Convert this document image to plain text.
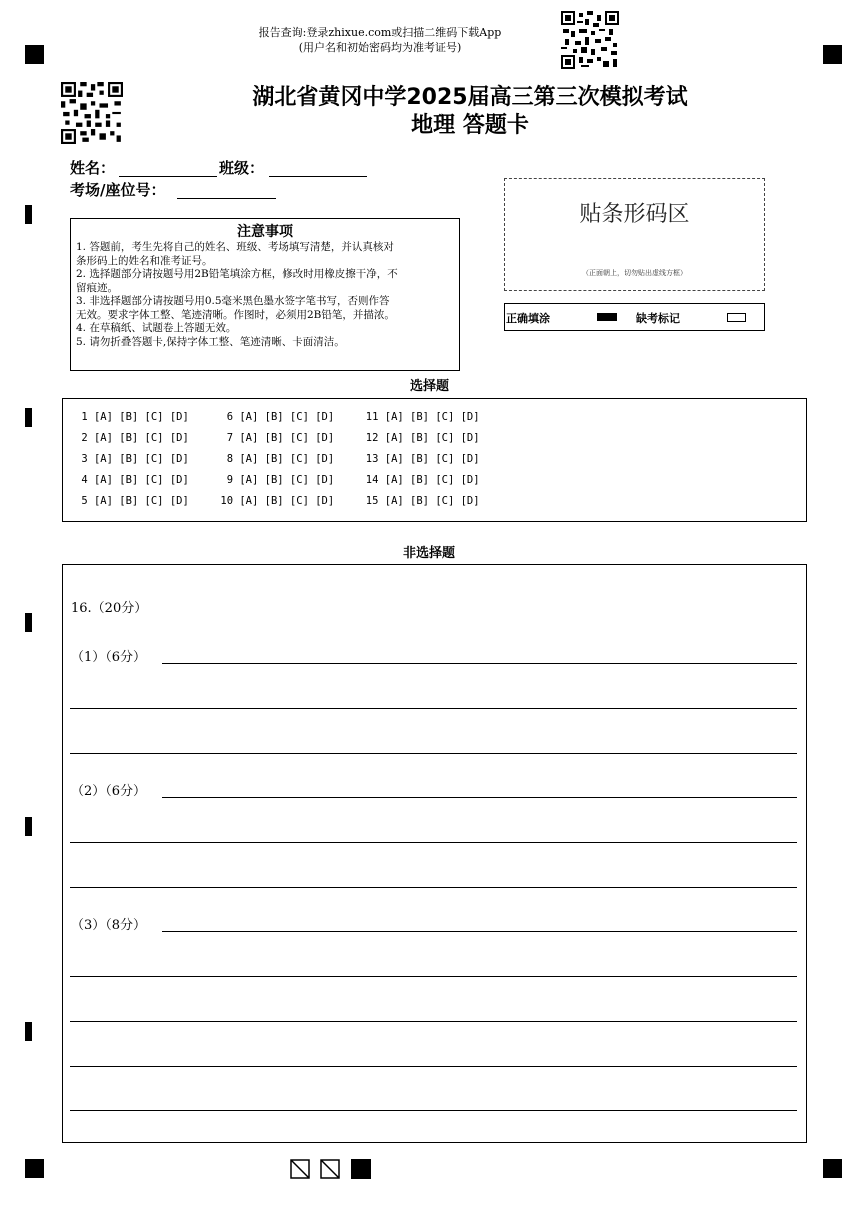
报告查询:登录zhixue.com或扫描二维码下载App
(用户名和初始密码均为准考证号)
湖北省黄冈中学2025届高三第三次模拟考试
地理 答题卡
姓名：	班级：
考场/座位号：
注意事项
1. 答题前，考生先将自己的姓名、班级、考场填写清楚，并认真核对
条形码上的姓名和准考证号。
2. 选择题部分请按题号用2B铅笔填涂方框，修改时用橡皮擦干净，不
留痕迹。
3. 非选择题部分请按题号用0.5毫米黑色墨水签字笔书写，否则作答
无效。要求字体工整、笔迹清晰。作图时，必须用2B铅笔，并描浓。
4. 在草稿纸、试题卷上答题无效。
5. 请勿折叠答题卡,保持字体工整、笔迹清晰、卡面清洁。
贴条形码区
（正面朝上，切勿贴出虚线方框）
正确填涂	缺考标记
选择题
1 [A] [B] [C] [D]      6 [A] [B] [C] [D]     11 [A] [B] [C] [D]
2 [A] [B] [C] [D]      7 [A] [B] [C] [D]     12 [A] [B] [C] [D]
3 [A] [B] [C] [D]      8 [A] [B] [C] [D]     13 [A] [B] [C] [D]
4 [A] [B] [C] [D]      9 [A] [B] [C] [D]     14 [A] [B] [C] [D]
5 [A] [B] [C] [D]     10 [A] [B] [C] [D]     15 [A] [B] [C] [D]
非选择题
16.（20分）
（1）（6分）
（2）（6分）
（3）（8分）
